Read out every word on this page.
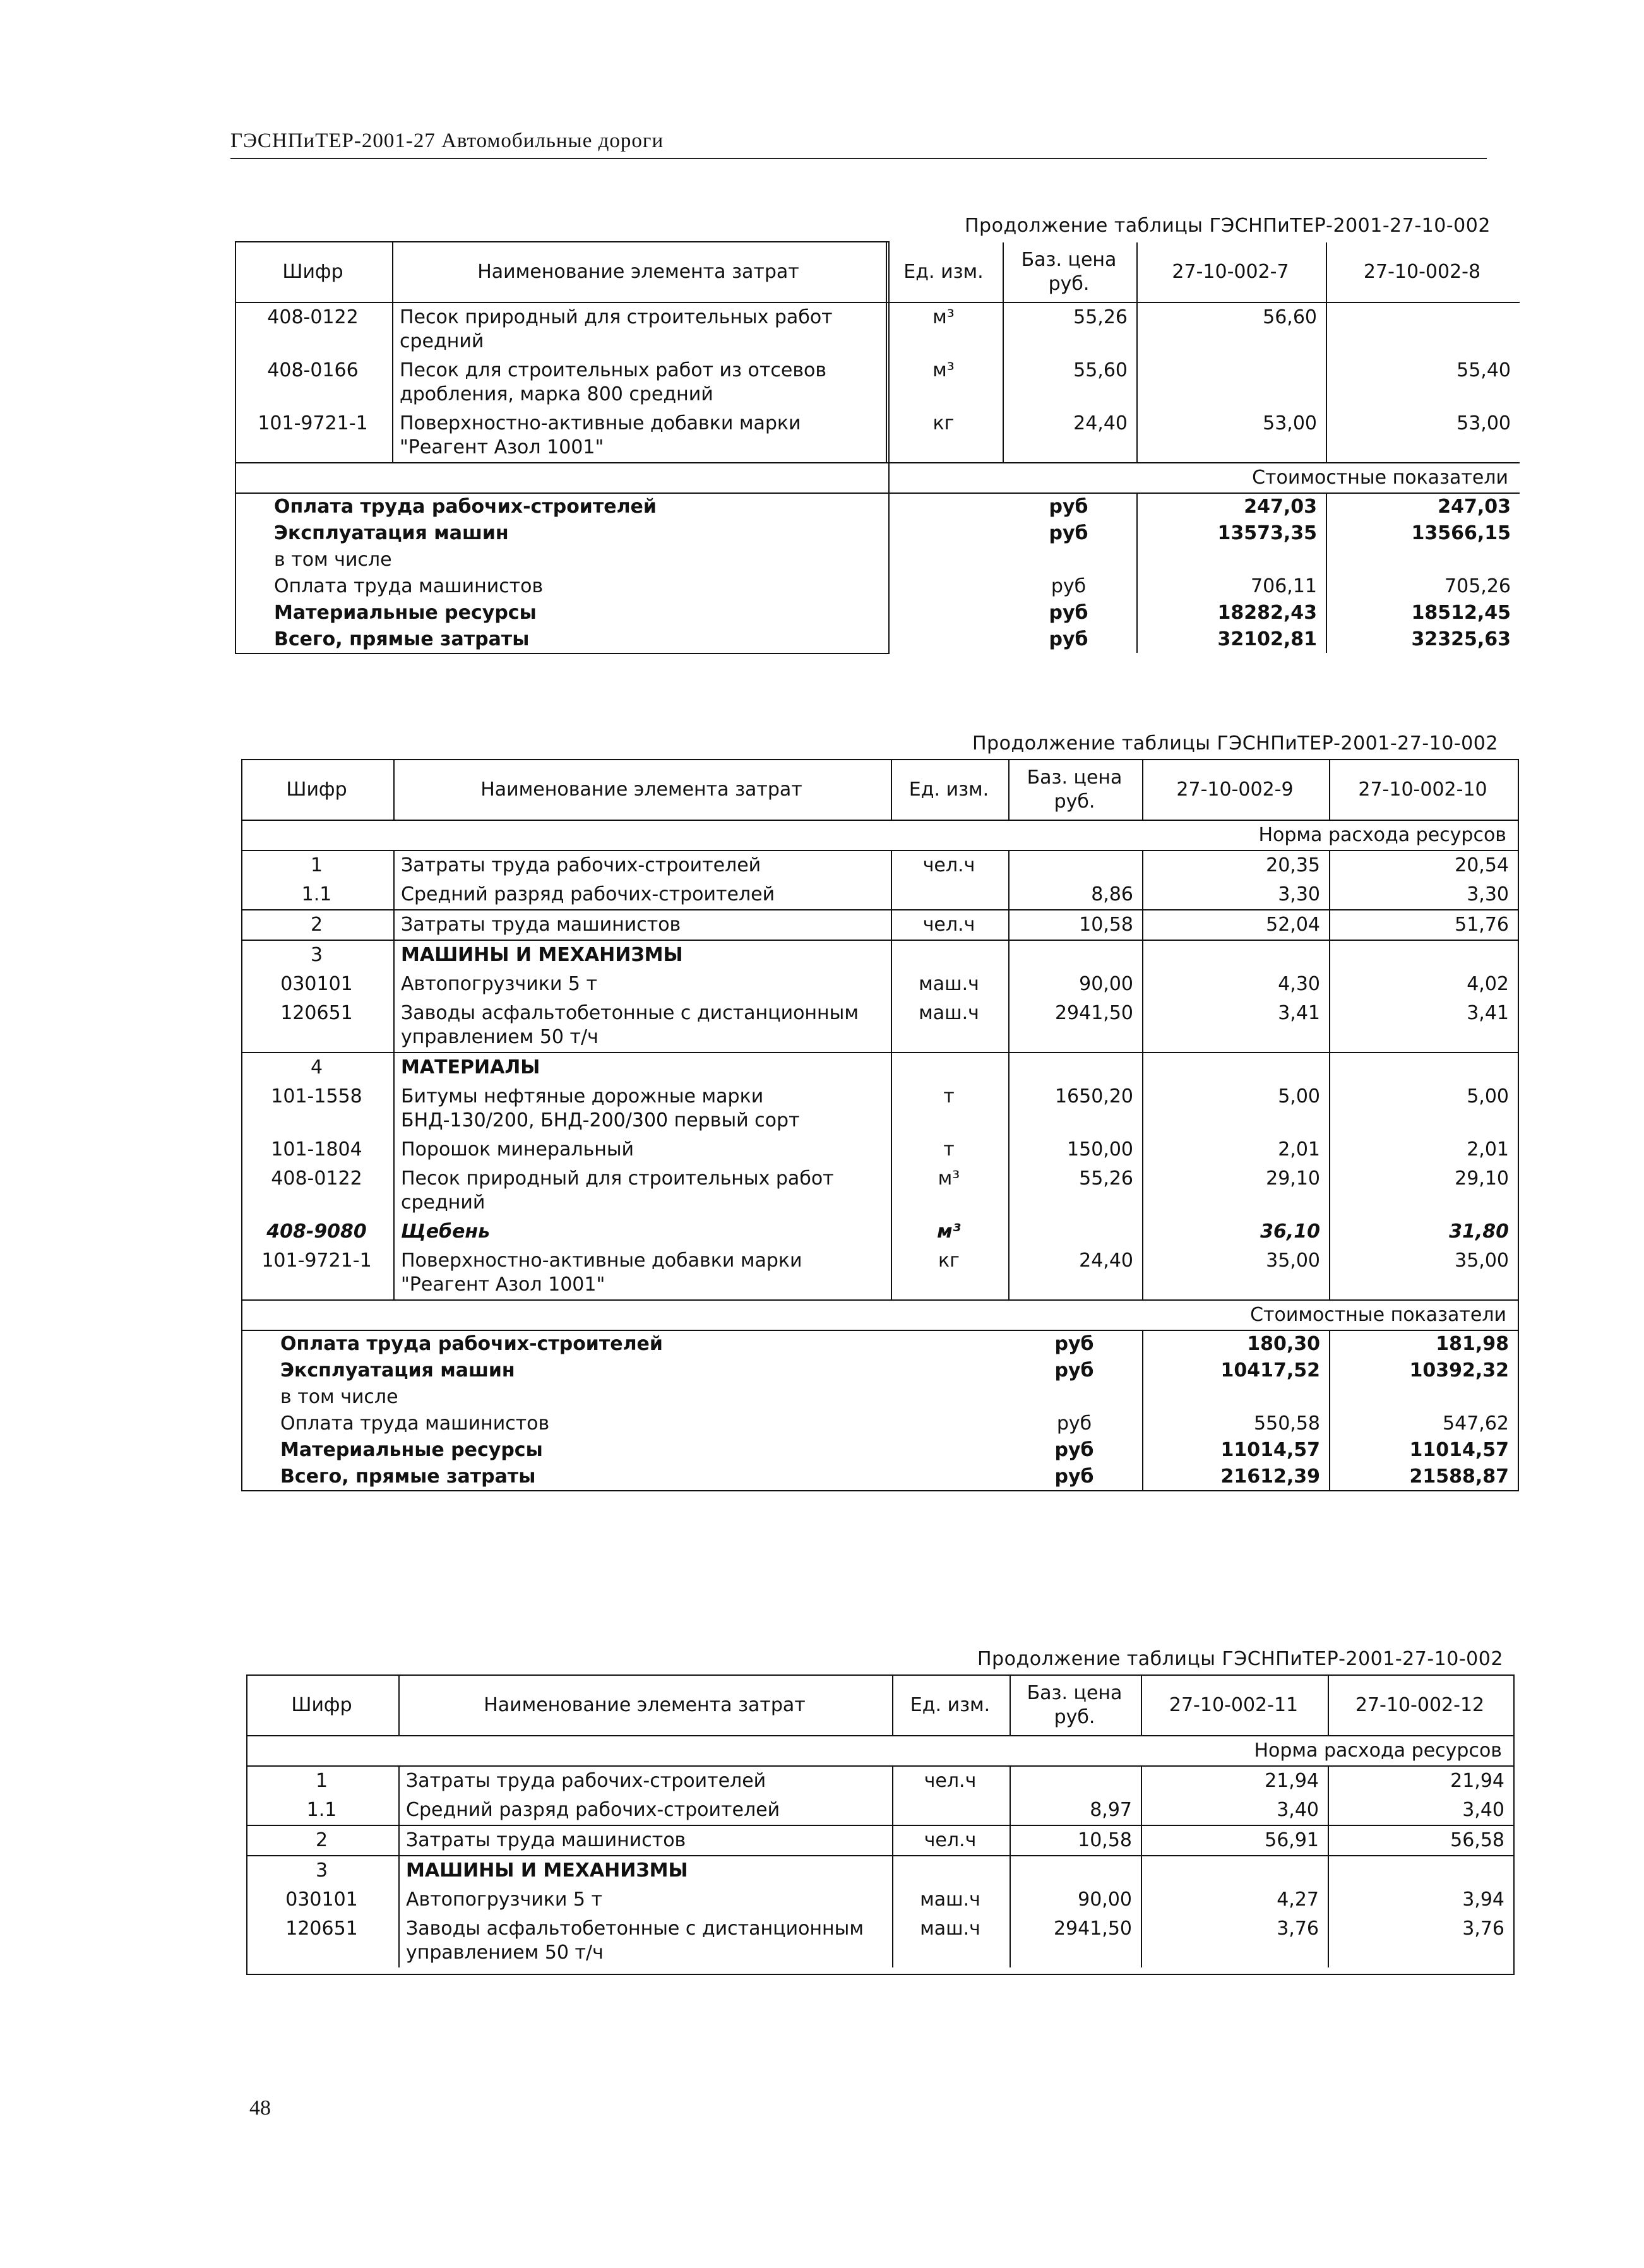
ГЭСНПиТЕР-2001-27 Автомобильные дороги
Продолжение таблицы ГЭСНПиТЕР-2001-27-10-002
Шифр	Наименование элемента затрат	Ед. изм.	Баз. цена руб.	27-10-002-7	27-10-002-8
408-0122	Песок природный для строительных работ средний	м³	55,26	56,60	
408-0166	Песок для строительных работ из отсевов дробления, марка 800 средний	м³	55,60		55,40
101-9721-1	Поверхностно-активные добавки марки "Реагент Азол 1001"	кг	24,40	53,00	53,00
Стоимостные показатели					
Оплата труда рабочих-строителей			руб	247,03	247,03
Эксплуатация машин			руб	13573,35	13566,15
в том числе					
Оплата труда машинистов			руб	706,11	705,26
Материальные ресурсы			руб	18282,43	18512,45
Всего, прямые затраты			руб	32102,81	32325,63
Продолжение таблицы ГЭСНПиТЕР-2001-27-10-002
Шифр	Наименование элемента затрат	Ед. изм.	Баз. цена руб.	27-10-002-9	27-10-002-10
Норма расхода ресурсов					
1	Затраты труда рабочих-строителей	чел.ч		20,35	20,54
1.1	Средний разряд рабочих-строителей		8,86	3,30	3,30
2	Затраты труда машинистов	чел.ч	10,58	52,04	51,76
3	МАШИНЫ И МЕХАНИЗМЫ				
030101	Автопогрузчики 5 т	маш.ч	90,00	4,30	4,02
120651	Заводы асфальтобетонные с дистанционным управлением 50 т/ч	маш.ч	2941,50	3,41	3,41
4	МАТЕРИАЛЫ				
101-1558	Битумы нефтяные дорожные марки БНД-130/200, БНД-200/300 первый сорт	т	1650,20	5,00	5,00
101-1804	Порошок минеральный	т	150,00	2,01	2,01
408-0122	Песок природный для строительных работ средний	м³	55,26	29,10	29,10
408-9080	Щебень	м³		36,10	31,80
101-9721-1	Поверхностно-активные добавки марки "Реагент Азол 1001"	кг	24,40	35,00	35,00
Стоимостные показатели					
Оплата труда рабочих-строителей			руб	180,30	181,98
Эксплуатация машин			руб	10417,52	10392,32
в том числе					
Оплата труда машинистов			руб	550,58	547,62
Материальные ресурсы			руб	11014,57	11014,57
Всего, прямые затраты			руб	21612,39	21588,87
Продолжение таблицы ГЭСНПиТЕР-2001-27-10-002
Шифр	Наименование элемента затрат	Ед. изм.	Баз. цена руб.	27-10-002-11	27-10-002-12
Норма расхода ресурсов					
1	Затраты труда рабочих-строителей	чел.ч		21,94	21,94
1.1	Средний разряд рабочих-строителей		8,97	3,40	3,40
2	Затраты труда машинистов	чел.ч	10,58	56,91	56,58
3	МАШИНЫ И МЕХАНИЗМЫ				
030101	Автопогрузчики 5 т	маш.ч	90,00	4,27	3,94
120651	Заводы асфальтобетонные с дистанционным управлением 50 т/ч	маш.ч	2941,50	3,76	3,76

48
